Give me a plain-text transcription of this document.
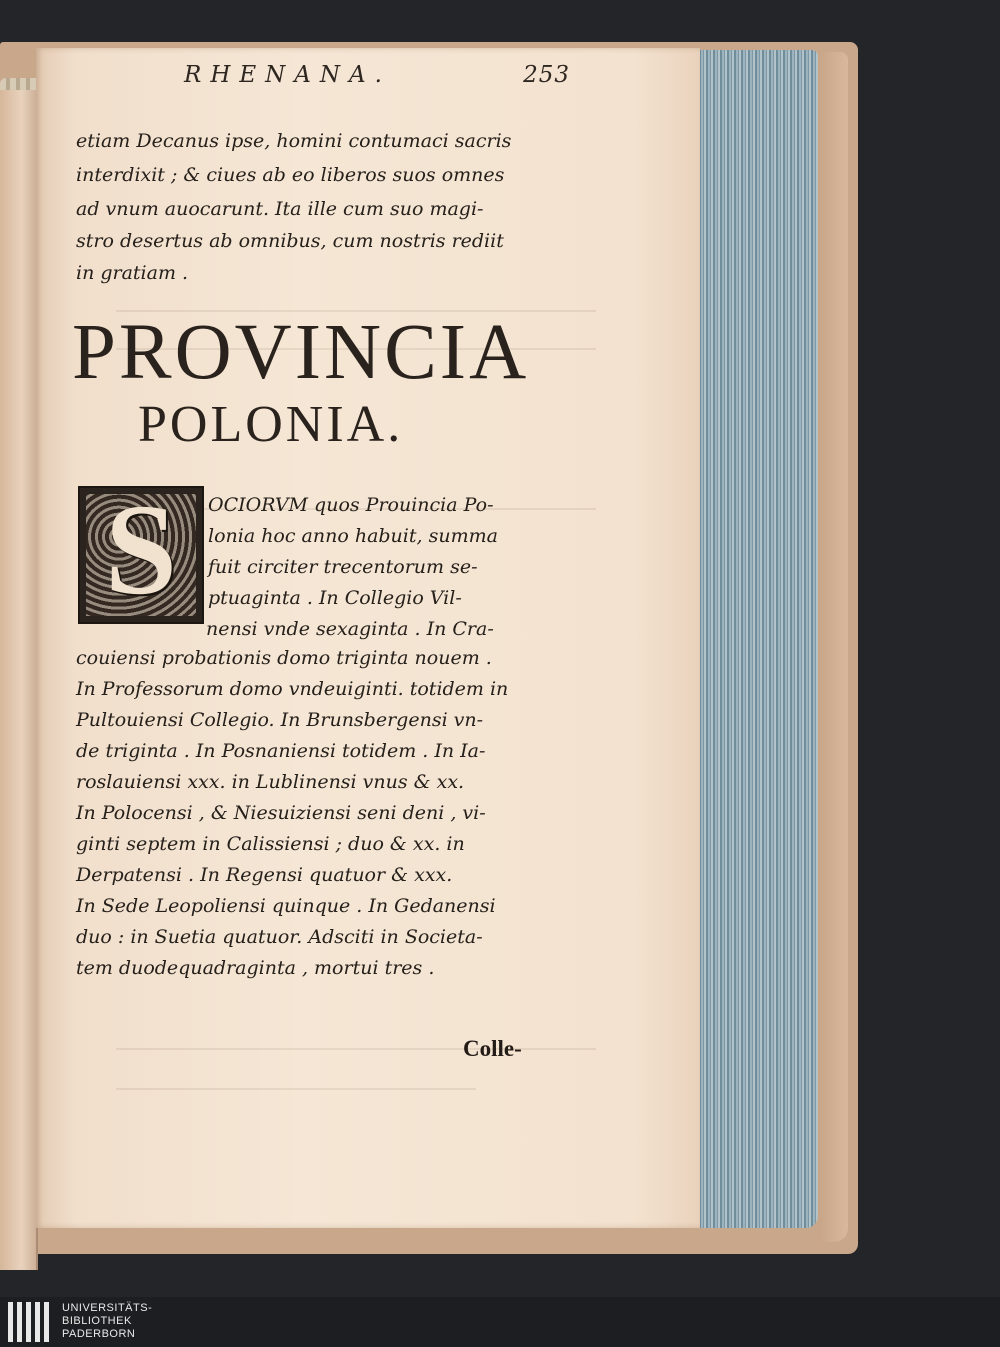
RHENANA.	253
etiam Decanus ipse, homini contumaci sacris
interdixit ; & ciues ab eo liberos suos omnes
ad vnum auocarunt. Ita ille cum suo magi-
stro desertus ab omnibus, cum nostris rediit
in gratiam .
PROVINCIA
POLONIA.
S	OCIORVM quos Prouincia Po-
lonia hoc anno habuit, summa
fuit circiter trecentorum se-
ptuaginta . In Collegio Vil-
nensi vnde sexaginta . In Cra-
couiensi probationis domo triginta nouem .
In Professorum domo vndeuiginti. totidem in
Pultouiensi Collegio. In Brunsbergensi vn-
de triginta . In Posnaniensi totidem . In Ia-
roslauiensi xxx. in Lublinensi vnus & xx.
In Polocensi , & Niesuiziensi seni deni , vi-
ginti septem in Calissiensi ; duo & xx. in
Derpatensi . In Regensi quatuor & xxx.
In Sede Leopoliensi quinque . In Gedanensi
duo : in Suetia quatuor. Adsciti in Societa-
tem duodequadraginta , mortui tres .
Colle-
UNIVERSITÄTS-
BIBLIOTHEK
PADERBORN
